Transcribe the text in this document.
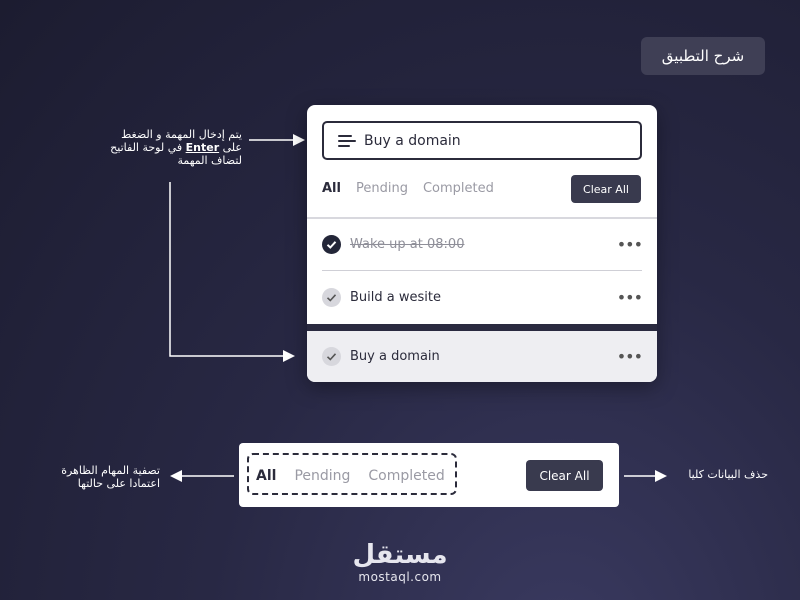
شرح التطبيق
يتم إدخال المهمة و الضغط
على Enter في لوحة الفاتيح
لتضاف المهمة
تصفية المهام الظاهرة
اعتمادا على حالتها
حذف البيانات كليا
Buy a domain
All Pending Completed	Clear All
Wake up at 08:00	•••
Build a wesite	•••
Buy a domain	•••
All Pending Completed	Clear All
مستقل
mostaql.com
